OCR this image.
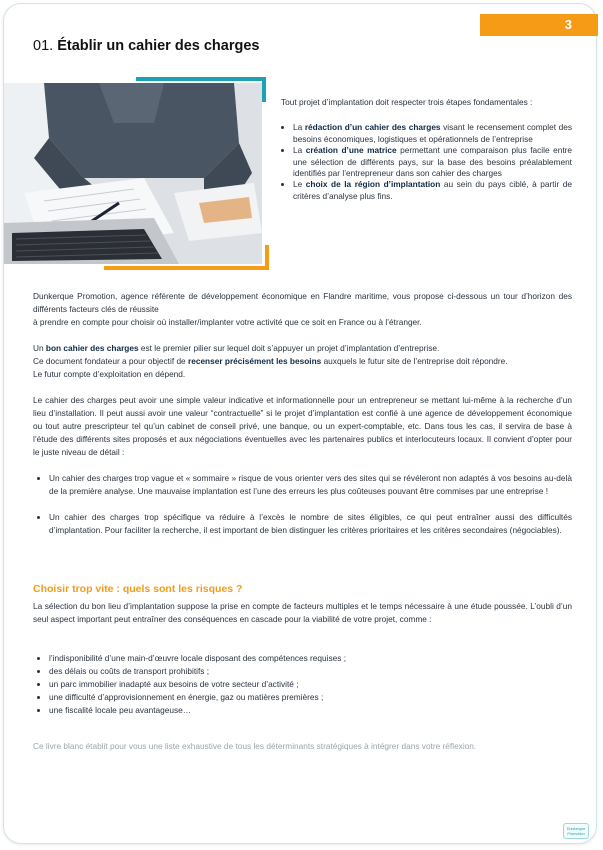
3
01. Établir un cahier des charges

Tout projet d’implantation doit respecter trois étapes fondamentales :

• La rédaction d’un cahier des charges visant le recensement complet des besoins économiques, logistiques et opérationnels de l’entreprise
• La création d’une matrice permettant une comparaison plus facile entre une sélection de différents pays, sur la base des besoins préalablement identifiés par l’entrepreneur dans son cahier des charges
• Le choix de la région d’implantation au sein du pays ciblé, à partir de critères d’analyse plus fins.

Dunkerque Promotion, agence référente de développement économique en Flandre maritime, vous propose ci-dessous un tour d’horizon des différents facteurs clés de réussite

à prendre en compte pour choisir où installer/implanter votre activité que ce soit en France ou à l’étranger.

Un bon cahier des charges est le premier pilier sur lequel doit s’appuyer un projet d’implantation d’entreprise.

Ce document fondateur a pour objectif de recenser précisément les besoins auxquels le futur site de l’entreprise doit répondre.

Le futur compte d’exploitation en dépend.

Le cahier des charges peut avoir une simple valeur indicative et informationnelle pour un entrepreneur se mettant lui-même à la recherche d’un lieu d’installation. Il peut aussi avoir une valeur “contractuelle” si le projet d’implantation est confié à une agence de développement économique ou tout autre prescripteur tel qu’un cabinet de conseil privé, une banque, ou un expert-comptable, etc. Dans tous les cas, il servira de base à l’étude des différents sites proposés et aux négociations éventuelles avec les partenaires publics et interlocuteurs locaux. Il convient d’opter pour le juste niveau de détail :

• Un cahier des charges trop vague et « sommaire » risque de vous orienter vers des sites qui se révéleront non adaptés à vos besoins au-delà de la première analyse. Une mauvaise implantation est l’une des erreurs les plus coûteuses pouvant être commises par une entreprise !
• Un cahier des charges trop spécifique va réduire à l’excès le nombre de sites éligibles, ce qui peut entraîner aussi des difficultés d’implantation. Pour faciliter la recherche, il est important de bien distinguer les critères prioritaires et les critères secondaires (négociables).
Choisir trop vite : quels sont les risques ?

La sélection du bon lieu d’implantation suppose la prise en compte de facteurs multiples et le temps nécessaire à une étude poussée. L’oubli d’un seul aspect important peut entraîner des conséquences en cascade pour la viabilité de votre projet, comme :

• l’indisponibilité d’une main-d’œuvre locale disposant des compétences requises ;
• des délais ou coûts de transport prohibitifs ;
• un parc immobilier inadapté aux besoins de votre secteur d’activité ;
• une difficulté d’approvisionnement en énergie, gaz ou matières premières ;
• une fiscalité locale peu avantageuse…
Ce livre blanc établit pour vous une liste exhaustive de tous les déterminants stratégiques à intégrer dans votre réflexion.
Dunkerque
Promotion
